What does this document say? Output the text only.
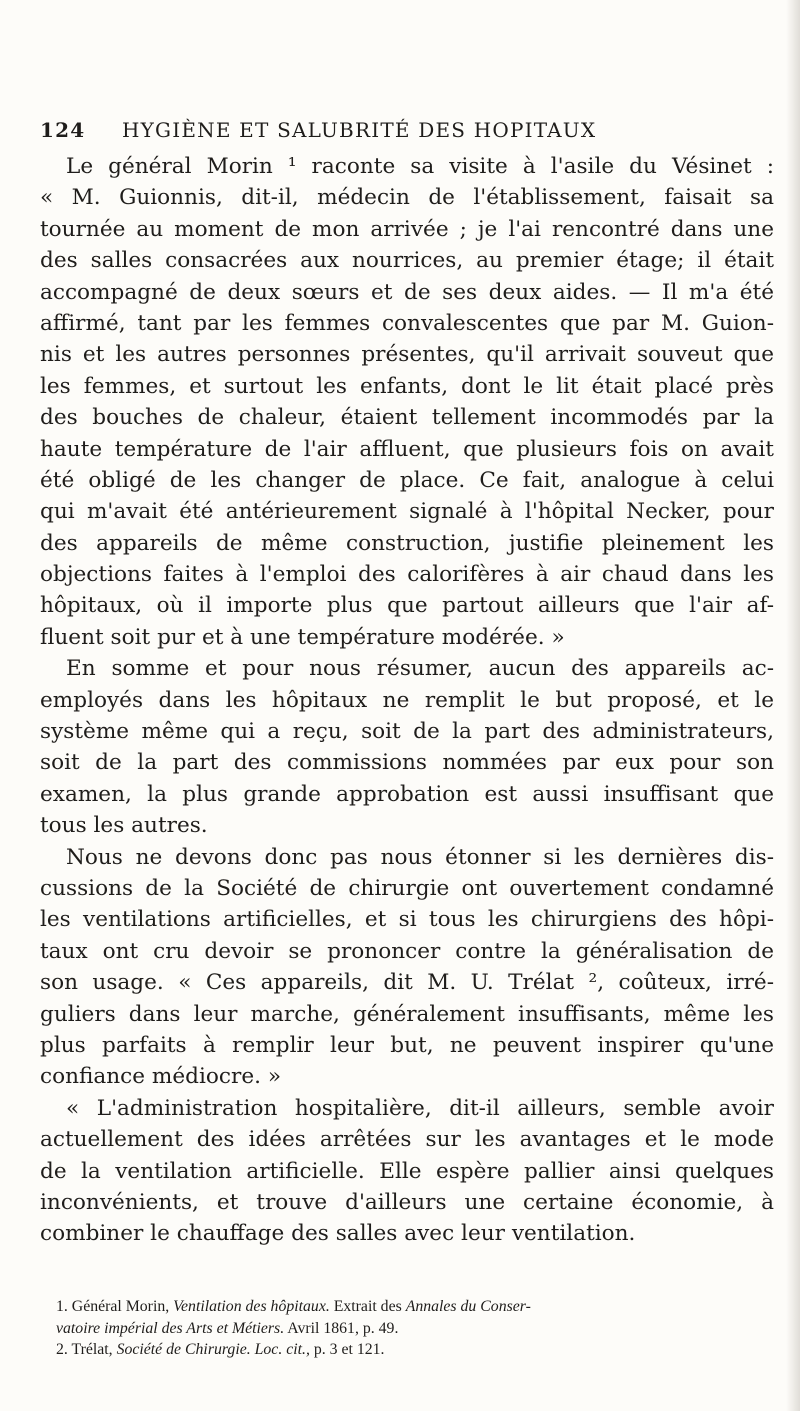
124 HYGIÈNE ET SALUBRITÉ DES HOPITAUX
Le général Morin ¹ raconte sa visite à l'asile du Vésinet :
« M. Guionnis, dit-il, médecin de l'établissement, faisait sa
tournée au moment de mon arrivée ; je l'ai rencontré dans une
des salles consacrées aux nourrices, au premier étage; il était
accompagné de deux sœurs et de ses deux aides. — Il m'a été
affirmé, tant par les femmes convalescentes que par M. Guion-
nis et les autres personnes présentes, qu'il arrivait souveut que
les femmes, et surtout les enfants, dont le lit était placé près
des bouches de chaleur, étaient tellement incommodés par la
haute température de l'air affluent, que plusieurs fois on avait
été obligé de les changer de place. Ce fait, analogue à celui
qui m'avait été antérieurement signalé à l'hôpital Necker, pour
des appareils de même construction, justifie pleinement les
objections faites à l'emploi des calorifères à air chaud dans les
hôpitaux, où il importe plus que partout ailleurs que l'air af-
fluent soit pur et à une température modérée. »
En somme et pour nous résumer, aucun des appareils ac-
employés dans les hôpitaux ne remplit le but proposé, et le
système même qui a reçu, soit de la part des administrateurs,
soit de la part des commissions nommées par eux pour son
examen, la plus grande approbation est aussi insuffisant que
tous les autres.
Nous ne devons donc pas nous étonner si les dernières dis-
cussions de la Société de chirurgie ont ouvertement condamné
les ventilations artificielles, et si tous les chirurgiens des hôpi-
taux ont cru devoir se prononcer contre la généralisation de
son usage. « Ces appareils, dit M. U. Trélat ², coûteux, irré-
guliers dans leur marche, généralement insuffisants, même les
plus parfaits à remplir leur but, ne peuvent inspirer qu'une
confiance médiocre. »
« L'administration hospitalière, dit-il ailleurs, semble avoir
actuellement des idées arrêtées sur les avantages et le mode
de la ventilation artificielle. Elle espère pallier ainsi quelques
inconvénients, et trouve d'ailleurs une certaine économie, à
combiner le chauffage des salles avec leur ventilation.
1. Général Morin, Ventilation des hôpitaux. Extrait des Annales du Conser-
vatoire impérial des Arts et Métiers. Avril 1861, p. 49.
2. Trélat, Société de Chirurgie. Loc. cit., p. 3 et 121.
